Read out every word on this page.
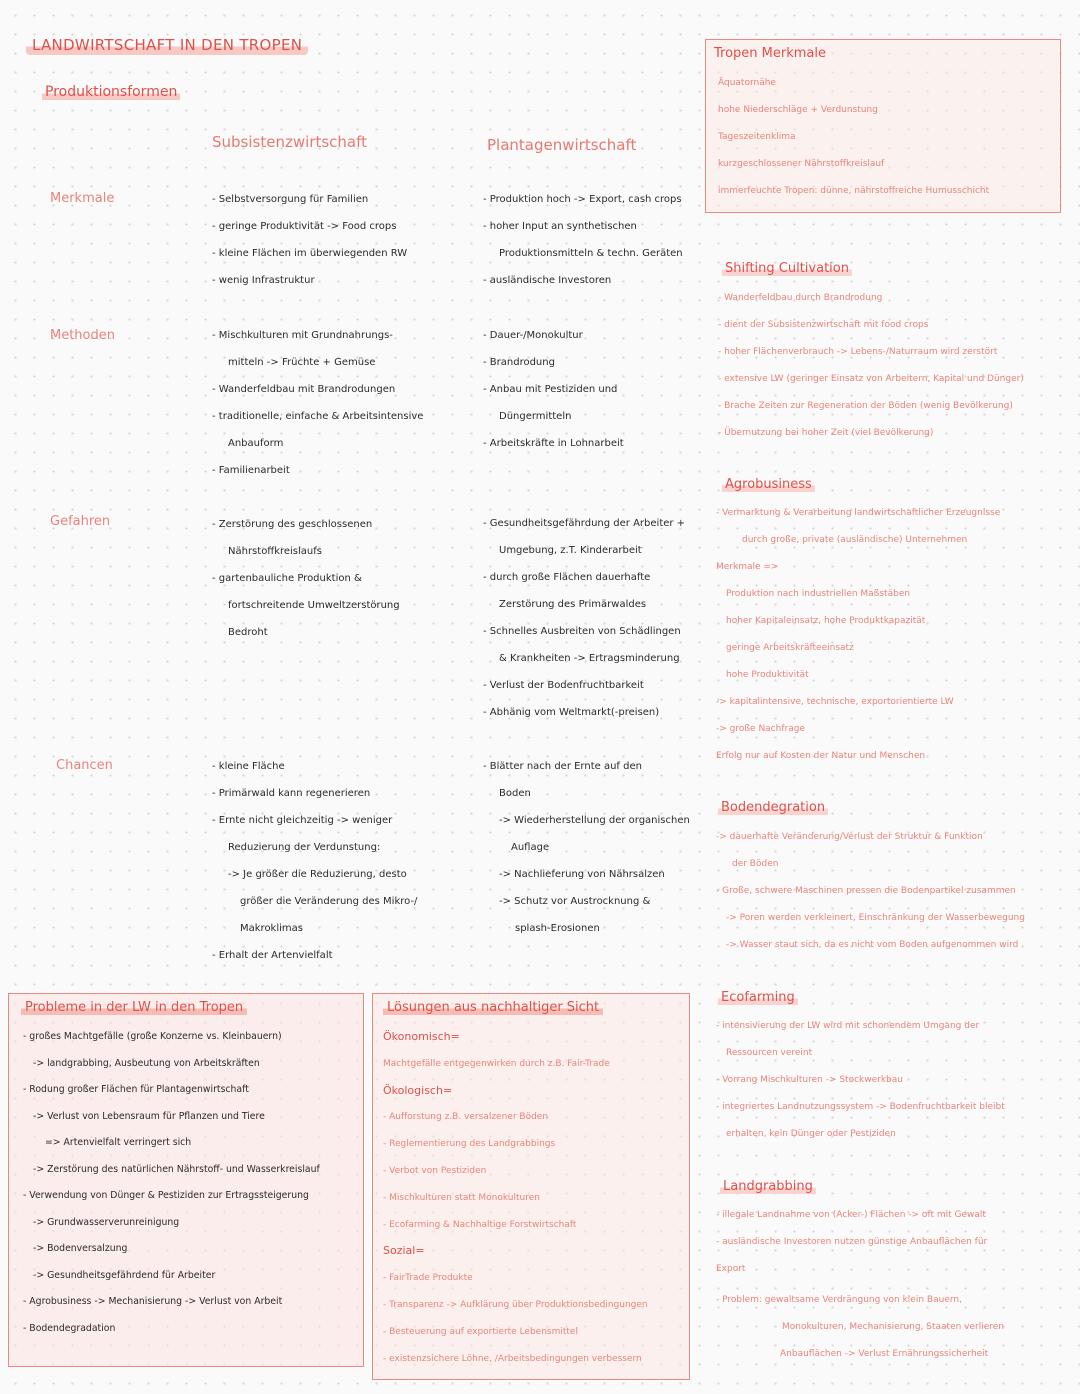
LANDWIRTSCHAFT IN DEN TROPEN
Produktionsformen
Subsistenzwirtschaft	Plantagenwirtschaft
Merkmale
Methoden
Gefahren
Chancen
- Selbstversorgung für Familien
- geringe Produktivität -> Food crops
- kleine Flächen im überwiegenden RW
- wenig Infrastruktur
- Mischkulturen mit Grundnahrungs-
mitteln -> Früchte + Gemüse
- Wanderfeldbau mit Brandrodungen
- traditionelle, einfache & Arbeitsintensive
Anbauform
- Familienarbeit
- Zerstörung des geschlossenen
Nährstoffkreislaufs
- gartenbauliche Produktion &
fortschreitende Umweltzerstörung
Bedroht
- kleine Fläche
- Primärwald kann regenerieren
- Ernte nicht gleichzeitig -> weniger
Reduzierung der Verdunstung:
-> Je größer die Reduzierung, desto
größer die Veränderung des Mikro-/
Makroklimas
- Erhalt der Artenvielfalt
- Produktion hoch -> Export, cash crops
- hoher Input an synthetischen
Produktionsmitteln & techn. Geräten
- ausländische Investoren
- Dauer-/Monokultur
- Brandrodung
- Anbau mit Pestiziden und
Düngermitteln
- Arbeitskräfte in Lohnarbeit
- Gesundheitsgefährdung der Arbeiter +
Umgebung, z.T. Kinderarbeit
- durch große Flächen dauerhafte
Zerstörung des Primärwaldes
- Schnelles Ausbreiten von Schädlingen
& Krankheiten -> Ertragsminderung
- Verlust der Bodenfruchtbarkeit
- Abhänig vom Weltmarkt(-preisen)
- Blätter nach der Ernte auf den
Boden
-> Wiederherstellung der organischen
Auflage
-> Nachlieferung von Nährsalzen
-> Schutz vor Austrocknung &
splash-Erosionen
Probleme in der LW in den Tropen
- großes Machtgefälle (große Konzerne vs. Kleinbauern)
-> landgrabbing, Ausbeutung von Arbeitskräften
- Rodung großer Flächen für Plantagenwirtschaft
-> Verlust von Lebensraum für Pflanzen und Tiere
=> Artenvielfalt verringert sich
-> Zerstörung des natürlichen Nährstoff- und Wasserkreislauf
- Verwendung von Dünger & Pestiziden zur Ertragssteigerung
-> Grundwasserverunreinigung
-> Bodenversalzung
-> Gesundheitsgefährdend für Arbeiter
- Agrobusiness -> Mechanisierung -> Verlust von Arbeit
- Bodendegradation
Lösungen aus nachhaltiger Sicht
Ökonomisch=
Machtgefälle entgegenwirken durch z.B. Fair-Trade
Ökologisch=
- Aufforstung z.B. versalzener Böden
- Reglementierung des Landgrabbings
- Verbot von Pestiziden
- Mischkulturen statt Monokulturen
- Ecofarming & Nachhaltige Forstwirtschaft
Sozial=
- FairTrade Produkte
- Transparenz -> Aufklärung über Produktionsbedingungen
- Besteuerung auf exportierte Lebensmittel
- existenzsichere Löhne, /Arbeitsbedingungen verbessern
Tropen Merkmale
Äquatornähe
hohe Niederschläge + Verdunstung
Tageszeitenklima
kurzgeschlossener Nährstoffkreislauf
immerfeuchte Tropen: dünne, nährstoffreiche Humusschicht
Shifting Cultivation
- Wanderfeldbau durch Brandrodung
- dient der Subsistenzwirtschaft mit food crops
- hoher Flächenverbrauch -> Lebens-/Naturraum wird zerstört
- extensive LW (geringer Einsatz von Arbeitern, Kapital und Dünger)
- Brache Zeiten zur Regeneration der Böden (wenig Bevölkerung)
- Übernutzung bei hoher Zeit (viel Bevölkerung)
Agrobusiness
- Vermarktung & Verarbeitung landwirtschaftlicher Erzeugnisse
durch große, private (ausländische) Unternehmen
Merkmale =>
Produktion nach industriellen Maßstäben
hoher Kapitaleinsatz, hohe Produktkapazität
geringe Arbeitskräfteeinsatz
hohe Produktivität
-> kapitalintensive, technische, exportorientierte LW
-> große Nachfrage
Erfolg nur auf Kosten der Natur und Menschen
Bodendegration
-> dauerhafte Veränderung/Verlust der Struktur & Funktion
der Böden
- Große, schwere Maschinen pressen die Bodenpartikel zusammen
-> Poren werden verkleinert, Einschränkung der Wasserbewegung
-> Wasser staut sich, da es nicht vom Boden aufgenommen wird
Ecofarming
- intensivierung der LW wird mit schonendem Umgang der
Ressourcen vereint
- Vorrang Mischkulturen -> Stockwerkbau
- integriertes Landnutzungssystem -> Bodenfruchtbarkeit bleibt
erhalten, kein Dünger oder Pestiziden
Landgrabbing
- illegale Landnahme von (Acker-) Flächen -> oft mit Gewalt
- ausländische Investoren nutzen günstige Anbauflächen für
Export
- Problem: gewaltsame Verdrängung von klein Bauern,
Monokulturen, Mechanisierung, Staaten verlieren
Anbauflächen -> Verlust Ernährungssicherheit
